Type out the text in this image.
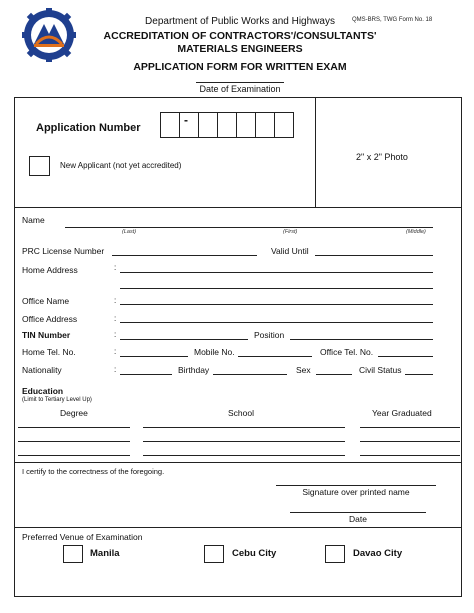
QMS-BRS, TWG Form No. 18
Department of Public Works and Highways
ACCREDITATION OF CONTRACTORS'/CONSULTANTS'
MATERIALS ENGINEERS
APPLICATION FORM FOR WRITTEN EXAM
Date of Examination
Application Number
-
New Applicant (not yet accredited)
2" x 2" Photo
Name
(Last)	(First)	(Middle)
PRC License Number	Valid Until
Home Address	:
Office Name	:
Office Address	:
TIN Number	:	Position
Home Tel. No.	:	Mobile No.	Office Tel. No.
Nationality	:	Birthday	Sex	Civil Status
Education
(Limit to Tertiary Level Up)
Degree	School	Year Graduated
I certify to the correctness of the foregoing.
Signature over printed name
Date
Preferred Venue of Examination
Manila	Cebu City	Davao City
